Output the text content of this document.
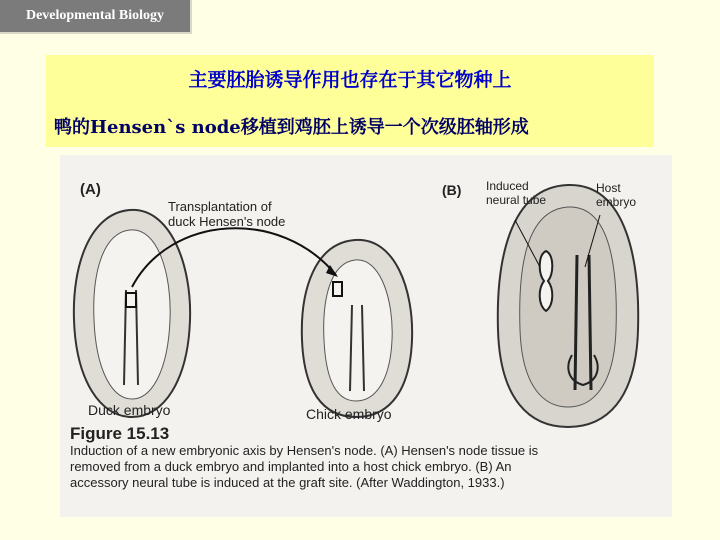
Developmental Biology
主要胚胎诱导作用也存在于其它物种上
鸭的Hensen`s node移植到鸡胚上诱导一个次级胚轴形成
(A)	(B)
Transplantation of
duck Hensen's node
Induced
neural tube
Host
embryo
Duck embryo	Chick embryo
Figure 15.13
Induction of a new embryonic axis by Hensen's node. (A) Hensen's node tissue is
removed from a duck embryo and implanted into a host chick embryo. (B) An
accessory neural tube is induced at the graft site. (After Waddington, 1933.)
